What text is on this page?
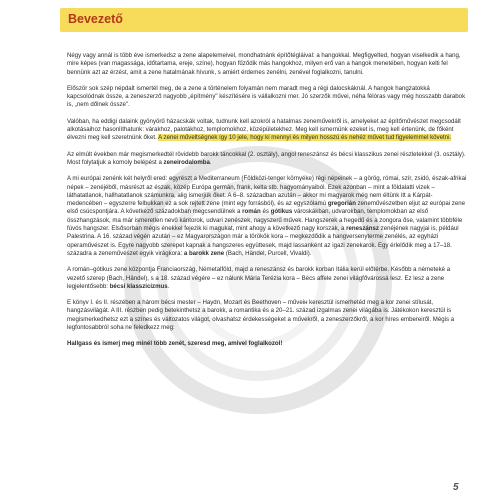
Bevezető

Négy vagy annál is több éve ismerkedsz a zene alapelemeivel, mondhatnánk építőtégláival: a hangokkal. Megfigyelted, hogyan viselkedik a hang, mire képes (van magassága, időtartama, ereje, színe), hogyan fűződik más hangokhoz, milyen erő van a hangok menetében, hogyan kelti fel bennünk azt az érzést, amit a zene hatalmának hívunk, s amiért érdemes zenélni, zenével foglalkozni, tanulni.

Először sok szép népdalt ismertél meg, de a zene a történelem folyamán nem maradt meg a régi dalocskáknál. A hangok hangzatokká kapcsolódnak össze, a zeneszerző nagyobb „építmény" készítésére is vállalkozni mer. Jó szerzők művei, néha félóras vagy még hosszabb darabok is, „nem dőlnek össze".

Valóban, ha eddigi dalaink gyönyörű házacskák voltak, tudnunk kell azokról a hatalmas zeneművekről is, amelyeket az építőművészet megcsodált alkotásaihoz hasonlíthatunk: várakhoz, palotákhoz, templomokhoz, középületekhez. Meg kell ismernünk ezeket is, meg kell értenünk, de főként élvezni meg kell szeretnünk őket. A zenei műveltségnek így 10 jele, hogy ki mennyi és milyen hosszú és nehéz művet tud figyelemmel követni.

Az elmúlt években már megismerkedtél rövidebb barokk táncokkal (2. osztály), angol reneszánsz és bécsi klasszikus zenei részletekkel (3. osztály). Most folytatjuk a komoly belépést a zeneirodalomba.

A mi európai zenénk két helyről ered: egyrészt a Mediterraneum (Földközi-tenger környéke) régi népeinek – a görög, római, szír, zsidó, észak-afrikai népek – zenéjéből, másrészt az észak, közép Európa germán, frank, kelta stb. hagyományaiból. Ezek azonban – mint a földalatti vizek – láthatatlanok, hallhatatlanok számunkra, alig ismerjük őket. A 6–8. században azután – akkor mi magyarok még nem éltünk itt a Kárpát-medencében – egyszerre felbukkan ez a sok rejtett zene (mint egy forrásból), és az egyszólamú gregorián zeneművészetben eljut az európai zene első csúcspontjára. A következő századokban megcsendülnek a román és gótikus városkákban, udvarokban, templomokban az első összhangzások, ma már ismeretlen nevű kántorok, udvari zenészek, nagyszerű művek. Hangszerek a hegedű és a zongora őse, valamint többféle fúvós hangszer. Elsősorban mégis énekkel fejezik ki magukat, mint ahogy a következő nagy korszak, a reneszánsz zenéjének nagyjai is, például Palestrina. A 16. század végén azután – ez Magyarországon már a törökök kora – megkezdődik a hangversenyterme zenélés, az egyházi operaművészet is. Egyre nagyobb szerepet kapnak a hangszeres együttesek, majd lassanként az igazi zenekarok. Egy érlelődik meg a 17–18. századra a zeneművészet egyik virágkora: a barokk zene (Bach, Händel, Purcell, Vivaldi).

A román–gótikus zene központja Franciaország, Németalföld, majd a reneszánsz és barokk korban Itália kerül előtérbe. Később a németeké a vezető szerep (Bach, Händel), s a 18. század végére – ez nálunk Mária Terézia kora – Bécs affele zenei világfővárossá lesz. Ez lesz a zene legjelentősebb: bécsi klasszicizmus.

E könyv I. és II. részében a három bécsi mester – Haydn, Mozart és Beethoven – műveiн keresztül ismerhetéd meg a kor zenei stílusát, hangzásvilágát. A III. részben pedig betekinthetsz a barokk, a romantika és a 20–21. század izgalmas zenei világába is. Játékokon keresztül is megismerkedhetsz ezt a színes és változatos világot, olvashatsz érdekességeket a művekről, a zeneszerzőkről, a kor híres embereiről. Mégis a legfontosabbról soha ne feledkezz meg:

Hallgass és ismerj meg minél több zenét, szeresd meg, amivel foglalkozol!

5
